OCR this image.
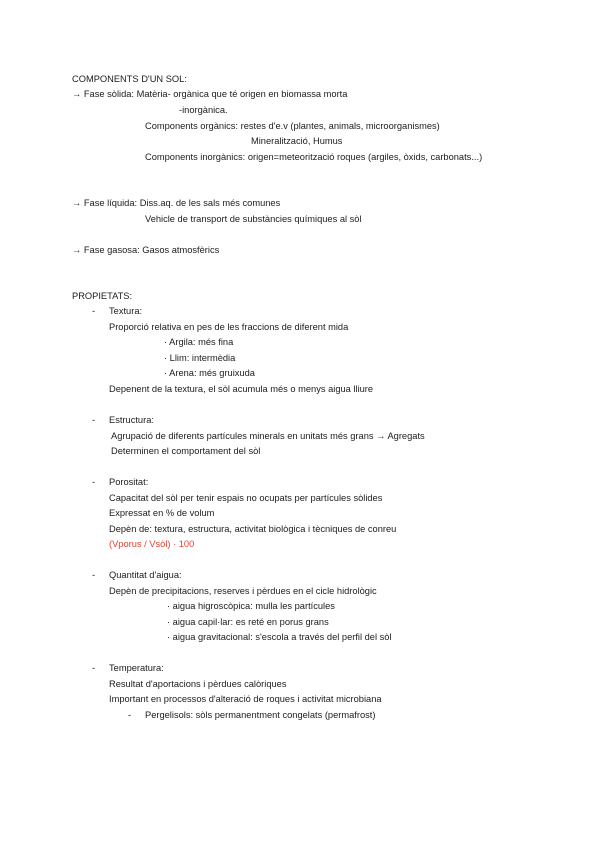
COMPONENTS D'UN SOL:
→ Fase sòlida: Matèria- orgànica que té origen en biomassa morta
-inorgànica.
Components orgànics: restes d'e.v (plantes, animals, microorganismes)
Mineralització, Humus
Components inorgànics: origen=meteorització roques (argiles, òxids, carbonats...)
→ Fase líquida: Diss.aq. de les sals més comunes
Vehicle de transport de substàncies químiques al sòl
→ Fase gasosa: Gasos atmosfèrics
PROPIETATS:
- Textura:
Proporció relativa en pes de les fraccions de diferent mida
· Argila: més fina
· Llim: intermèdia
· Arena: més gruixuda
Depenent de la textura, el sòl acumula més o menys aigua lliure
- Estructura:
Agrupació de diferents partícules minerals en unitats més grans → Agregats
Determinen el comportament del sòl
- Porositat:
Capacitat del sòl per tenir espais no ocupats per partícules sòlides
Expressat en % de volum
Depèn de: textura, estructura, activitat biològica i tècniques de conreu
(Vporus / Vsòl) · 100
- Quantitat d'aigua:
Depèn de precipitacions, reserves i pèrdues en el cicle hidrològic
· aigua higroscòpica: mulla les partícules
· aigua capil·lar: es reté en porus grans
· aigua gravitacional: s'escola a través del perfil del sòl
- Temperatura:
Resultat d'aportacions i pèrdues calòriques
Important en processos d'alteració de roques i activitat microbiana
- Pergelisols: sòls permanentment congelats (permafrost)
